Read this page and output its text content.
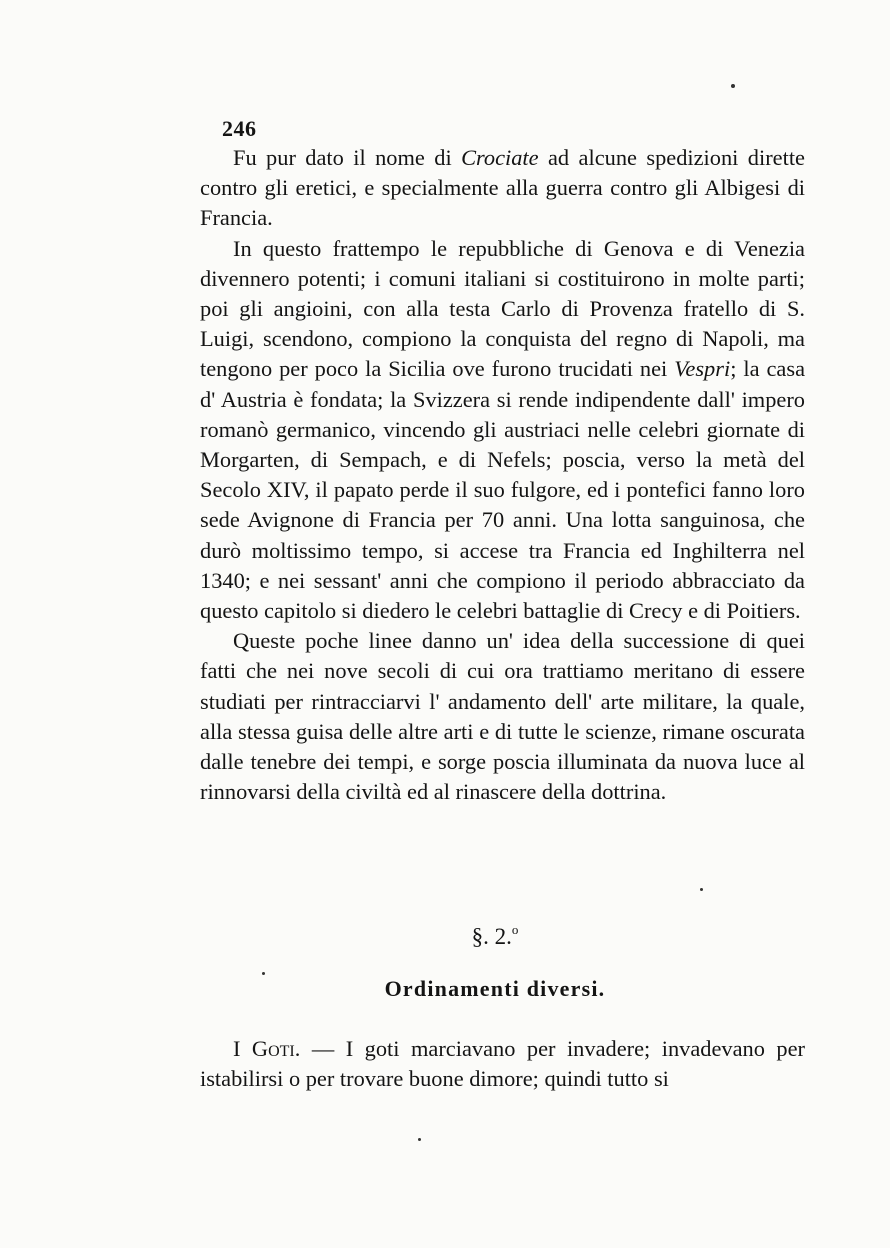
246

Fu pur dato il nome di Crociate ad alcune spedizioni dirette contro gli eretici, e specialmente alla guerra contro gli Albigesi di Francia.

In questo frattempo le repubbliche di Genova e di Venezia divennero potenti; i comuni italiani si costituirono in molte parti; poi gli angioini, con alla testa Carlo di Provenza fratello di S. Luigi, scendono, compiono la conquista del regno di Napoli, ma tengono per poco la Sicilia ove furono trucidati nei Vespri; la casa d' Austria è fondata; la Svizzera si rende indipendente dall' impero romanò germanico, vincendo gli austriaci nelle celebri giornate di Morgarten, di Sempach, e di Nefels; poscia, verso la metà del Secolo XIV, il papato perde il suo fulgore, ed i pontefici fanno loro sede Avignone di Francia per 70 anni. Una lotta sanguinosa, che durò moltissimo tempo, si accese tra Francia ed Inghilterra nel 1340; e nei sessant' anni che compiono il periodo abbracciato da questo capitolo si diedero le celebri battaglie di Crecy e di Poitiers.

Queste poche linee danno un' idea della successione di quei fatti che nei nove secoli di cui ora trattiamo meritano di essere studiati per rintracciarvi l' andamento dell' arte militare, la quale, alla stessa guisa delle altre arti e di tutte le scienze, rimane oscurata dalle tenebre dei tempi, e sorge poscia illuminata da nuova luce al rinnovarsi della civiltà ed al rinascere della dottrina.

§. 2.$^o$
Ordinamenti diversi.

I Goti. — I goti marciavano per invadere; invadevano per istabilirsi o per trovare buone dimore; quindi tutto si
